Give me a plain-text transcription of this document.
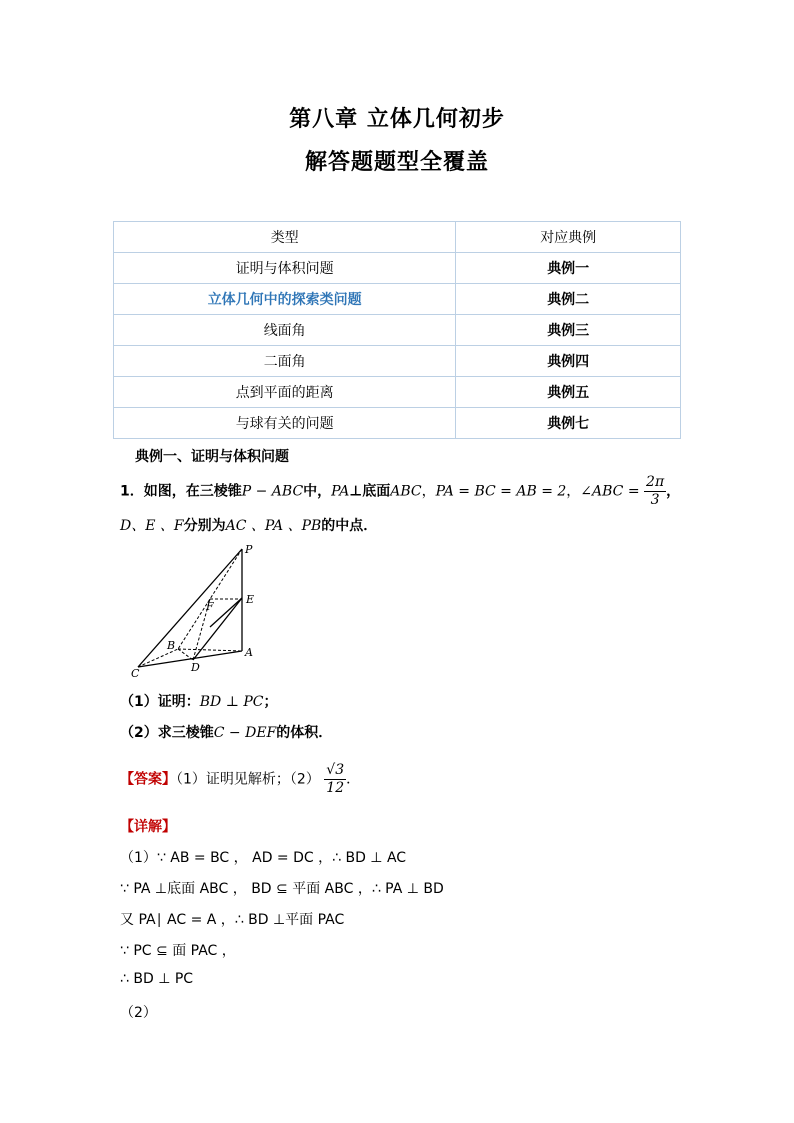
第八章 立体几何初步
解答题题型全覆盖
类型	对应典例
证明与体积问题	典例一
立体几何中的探索类问题	典例二
线面角	典例三
二面角	典例四
点到平面的距离	典例五
与球有关的问题	典例七
典例一、证明与体积问题
1．如图，在三棱锥P − ABC中，PA⊥底面ABC，PA = BC = AB = 2，∠ABC = $\frac{2\pi}{3}$ ，
D、E 、F分别为AC 、PA 、PB的中点．
P
E
F
B
C	D
A
（1）证明：BD ⊥ PC；
（2）求三棱锥C − DEF的体积．
【答案】（1）证明见解析；$(2) \frac{√3}{12}$ ．
【详解】
（1）∵ AB = BC ， AD = DC ，∴ BD ⊥ AC
∵ PA ⊥底面 ABC ， BD ⊆ 平面 ABC ，∴ PA ⊥ BD
又 PA∣ AC = A ，∴ BD ⊥平面 PAC
∵ PC ⊆ 面 PAC ，
∴ BD ⊥ PC
（2）
